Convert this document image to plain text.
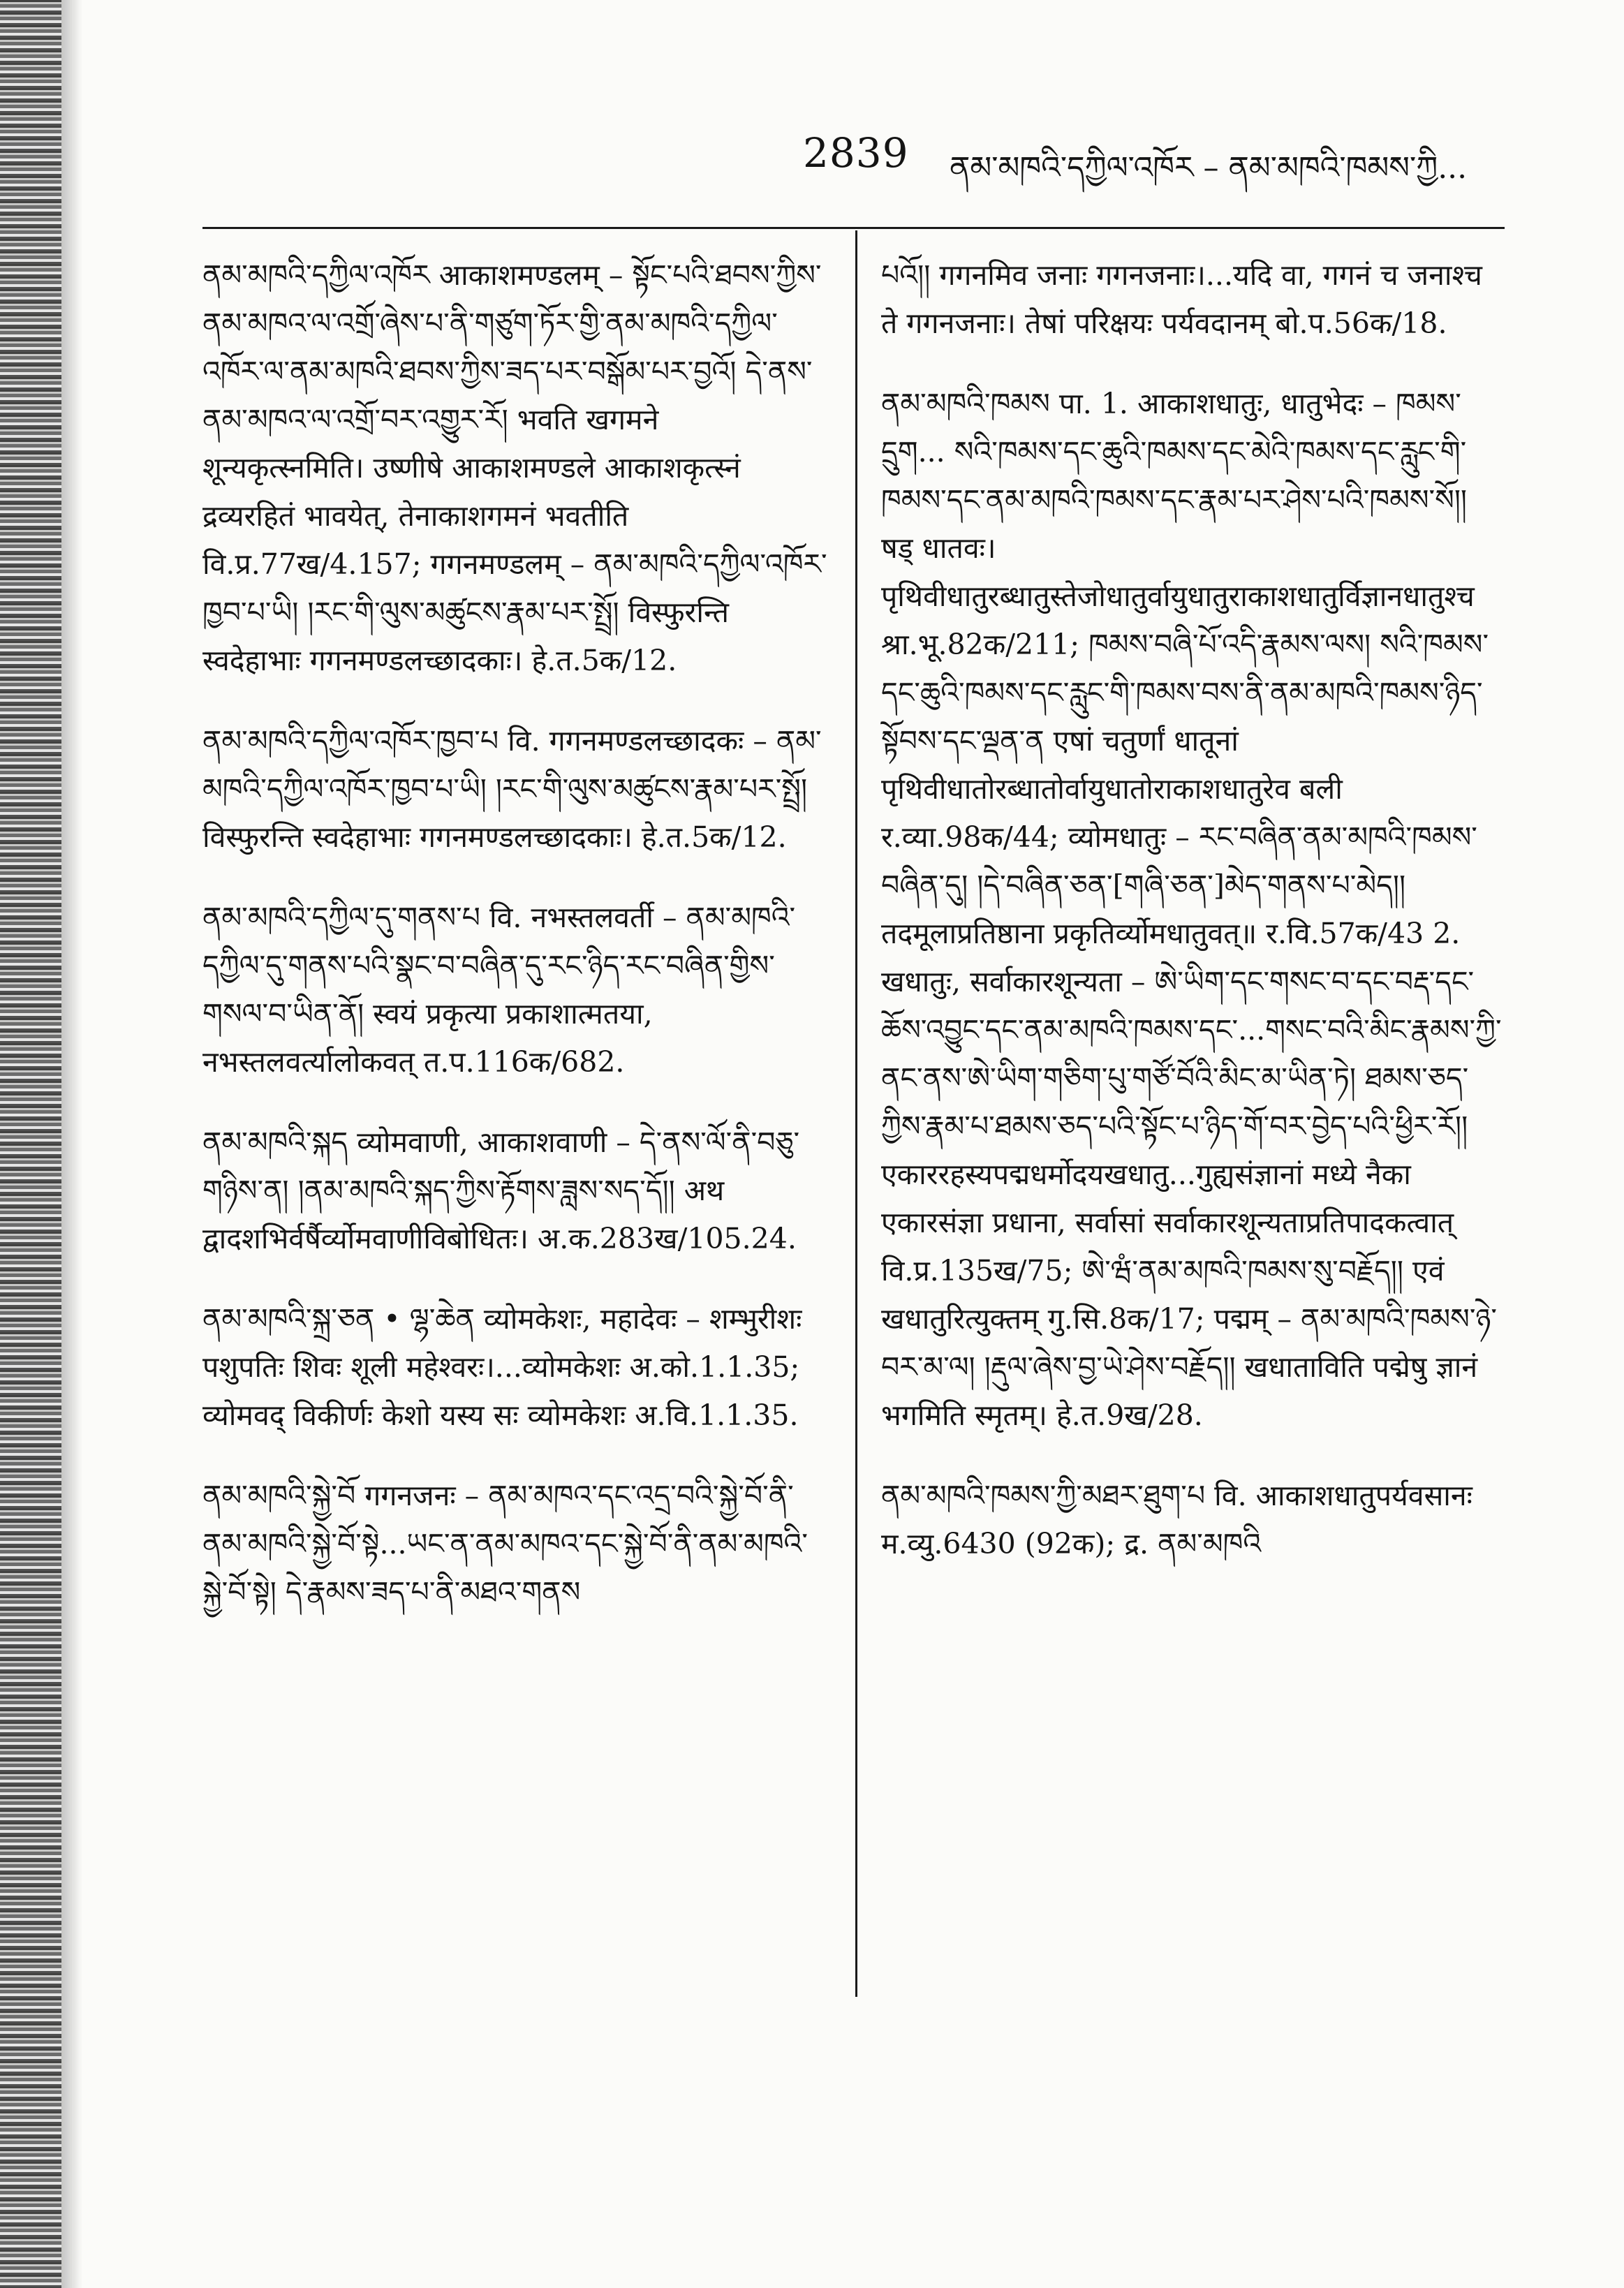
2839 ནམ་མཁའི་དཀྱིལ་འཁོར – ནམ་མཁའི་ཁམས་ཀྱི...

ནམ་མཁའི་དཀྱིལ་འཁོར आकाशमण्डलम् – སྟོང་པའི་ཐབས་ཀྱིས་ནམ་མཁའ་ལ་འགྲོ་ཞེས་པ་ནི་གཙུག་ཏོར་གྱི་ནམ་མཁའི་དཀྱིལ་འཁོར་ལ་ནམ་མཁའི་ཐབས་ཀྱིས་ཟད་པར་བསྒོམ་པར་བྱའོ། དེ་ནས་ནམ་མཁའ་ལ་འགྲོ་བར་འགྱུར་རོ། भवति खगमने शून्यकृत्स्नमिति। उष्णीषे आकाशमण्डले आकाशकृत्स्नं द्रव्यरहितं भावयेत्, तेनाकाशगमनं भवतीति वि.प्र.77ख/4.157; गगनमण्डलम् – ནམ་མཁའི་དཀྱིལ་འཁོར་ཁྱབ་པ་ཡི། །རང་གི་ལུས་མཚུངས་རྣམ་པར་སྤྲོ། विस्फुरन्ति स्वदेहाभाः गगनमण्डलच्छादकाः। हे.त.5क/12.

ནམ་མཁའི་དཀྱིལ་འཁོར་ཁྱབ་པ वि. गगनमण्डलच्छादकः – ནམ་མཁའི་དཀྱིལ་འཁོར་ཁྱབ་པ་ཡི། །རང་གི་ལུས་མཚུངས་རྣམ་པར་སྤྲོ། विस्फुरन्ति स्वदेहाभाः गगनमण्डलच्छादकाः। हे.त.5क/12.

ནམ་མཁའི་དཀྱིལ་དུ་གནས་པ वि. नभस्तलवर्ती – ནམ་མཁའི་དཀྱིལ་དུ་གནས་པའི་སྣང་བ་བཞིན་དུ་རང་ཉིད་རང་བཞིན་གྱིས་གསལ་བ་ཡིན་ནོ། स्वयं प्रकृत्या प्रकाशात्मतया, नभस्तलवर्त्यालोकवत् त.प.116क/682.

ནམ་མཁའི་སྐད व्योमवाणी, आकाशवाणी – དེ་ནས་ལོ་ནི་བཅུ་གཉིས་ན། །ནམ་མཁའི་སྐད་ཀྱིས་རྟོགས་ཟླས་སད་དོ།། अथ द्वादशभिर्वर्षैर्व्योमवाणीविबोधितः। अ.क.283ख/105.24.

ནམ་མཁའི་སྐྲ་ཅན • ལྷ་ཆེན व्योमकेशः, महादेवः – शम्भुरीशः पशुपतिः शिवः शूली महेश्वरः।...व्योमकेशः अ.को.1.1.35; व्योमवद् विकीर्णः केशो यस्य सः व्योमकेशः अ.वि.1.1.35.

ནམ་མཁའི་སྐྱེ་བོ गगनजनः – ནམ་མཁའ་དང་འདྲ་བའི་སྐྱེ་བོ་ནི་ནམ་མཁའི་སྐྱེ་བོ་སྟེ...ཡང་ན་ནམ་མཁའ་དང་སྐྱེ་བོ་ནི་ནམ་མཁའི་སྐྱེ་བོ་སྟེ། དེ་རྣམས་ཟད་པ་ནི་མཐའ་གནས

པའོ།། गगनमिव जनाः गगनजनाः।...यदि वा, गगनं च जनाश्च ते गगनजनाः। तेषां परिक्षयः पर्यवदानम् बो.प.56क/18.

ནམ་མཁའི་ཁམས पा. 1. आकाशधातुः, धातुभेदः – ཁམས་དྲུག... སའི་ཁམས་དང་ཆུའི་ཁམས་དང་མེའི་ཁམས་དང་རླུང་གི་ཁམས་དང་ནམ་མཁའི་ཁམས་དང་རྣམ་པར་ཤེས་པའི་ཁམས་སོ།། षड् धातवः। पृथिवीधातुरब्धातुस्तेजोधातुर्वायुधातुराकाशधातुर्विज्ञानधातुश्च श्रा.भू.82क/211; ཁམས་བཞི་པོ་འདི་རྣམས་ལས། སའི་ཁམས་དང་ཆུའི་ཁམས་དང་རླུང་གི་ཁམས་བས་ནི་ནམ་མཁའི་ཁམས་ཉིད་སྟོབས་དང་ལྡན་ན एषां चतुर्णां धातूनां पृथिवीधातोरब्धातोर्वायुधातोराकाशधातुरेव बली र.व्या.98क/44; व्योमधातुः – རང་བཞིན་ནམ་མཁའི་ཁམས་བཞིན་དུ། །དེ་བཞིན་ཅན་[གཞི་ཅན་]མེད་གནས་པ་མེད།། तदमूलाप्रतिष्ठाना प्रकृतिर्व्योमधातुवत्॥ र.वि.57क/43 2. खधातुः, सर्वाकारशून्यता – ཨེ་ཡིག་དང་གསང་བ་དང་བརྡ་དང་ཆོས་འབྱུང་དང་ནམ་མཁའི་ཁམས་དང་...གསང་བའི་མིང་རྣམས་ཀྱི་ནང་ནས་ཨེ་ཡིག་གཅིག་པུ་གཙོ་བོའི་མིང་མ་ཡིན་ཏེ། ཐམས་ཅད་ཀྱིས་རྣམ་པ་ཐམས་ཅད་པའི་སྟོང་པ་ཉིད་གོ་བར་བྱེད་པའི་ཕྱིར་རོ།། एकाररहस्यपद्मधर्मोदयखधातु...गुह्यसंज्ञानां मध्ये नैका एकारसंज्ञा प्रधाना, सर्वासां सर्वाकारशून्यताप्रतिपादकत्वात् वि.प्र.135ख/75; ཨེ་ཝཾ་ནམ་མཁའི་ཁམས་སུ་བརྗོད།། एवं खधातुरित्युक्तम् गु.सि.8क/17; पद्मम् – ནམ་མཁའི་ཁམས་ཉེ་བར་མ་ལ། །རྡུལ་ཞེས་བྱ་ཡེ་ཤེས་བརྗོད།། खधाताविति पद्मेषु ज्ञानं भगमिति स्मृतम्। हे.त.9ख/28.

ནམ་མཁའི་ཁམས་ཀྱི་མཐར་ཐུག་པ वि. आकाशधातुपर्यवसानः म.व्यु.6430 (92क); द्र. ནམ་མཁའི
